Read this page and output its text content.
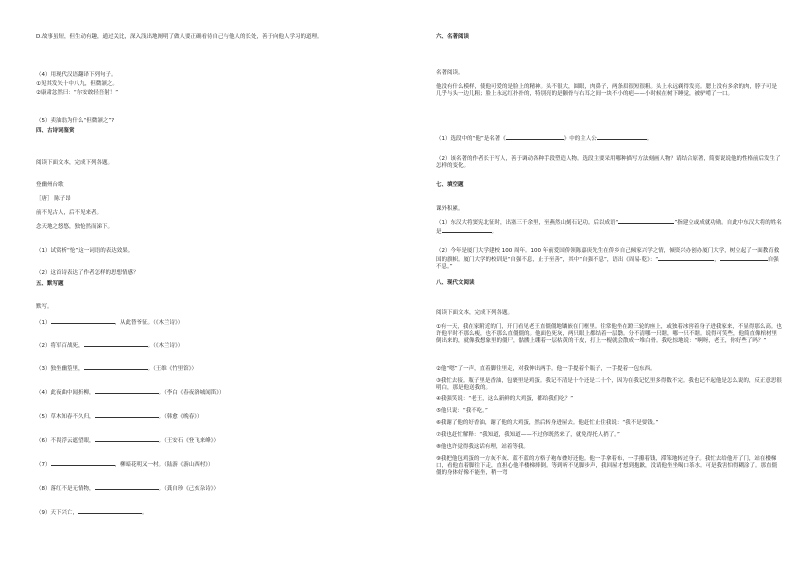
D.故事虽短，但生动有趣，通过关比，深入浅出地阐明了做人要正确看待自己与他人的长处，善于向他人学习的道理。

（4）用现代汉语翻译下列句子。

①见其发矢十中八九，但微颔之。

②康肃忿然曰：“尔安敢轻吾射！”

（5）卖油翁为什么“但微颔之”?

四、古诗词鉴赏

阅读下面文本，完成下列各题。

登幽州台歌

［唐］ 陈子昂

前不见古人，后不见来者。

念天地之悠悠，独怆然而涕下。

（1）试赏析“怆”这一词语的表达效果。

（2）这首诗表达了作者怎样的思想情感？

五、默写题

默写。

（1）	，从此替爷征。（《木兰诗》）
（2）将军百战死，	。（《木兰诗》）
（3）独坐幽篁里，	。（王维《竹里馆》）
（4）此夜曲中闻折柳，	。（李白《春夜洛城闻笛》）
（5）草木知春不久归，	。（韩愈《晚春》）
（6）不畏浮云遮望眼，	。（王安石《登飞来峰》）
（7）	，柳暗花明又一村。（陆游《游山西村》）
（8）落红不是无情物，	。（龚自珍《己亥杂诗》）
（9）天下兴亡，	。

六、名著阅读

名著阅读。

他没有什么模样，使他可爱的是脸上的精神。头不很大，圆眼，肉鼻子，两条眉很短很粗。头上永远剃得发亮。腮上没有多余的肉，脖子可是几乎与头一边儿粗；脸上永远红扑扑的，特别亮的是颧骨与右耳之间一块不小的疤——小时候在树下睡觉，被驴啃了一口。

（1）选段中的“他”是名著《	》中的主人公	。

（2）该名著的作者长于写人，善于调动各种手段塑造人物。选段主要采用哪种描写方法刻画人物？请结合原著，简要说说他的性格前后发生了怎样的变化。

七、填空题

课外积累。

（1）东汉大将窦宪北征时，出塞三千余里，至燕然山刻石记功。后以成语“	”指建立或成就功勋。自此中东汉大将的姓名是	。
（2）今年是厦门大学建校 100 周年。100 年前爱国侨领陈嘉庚先生在侨乡自己倾家兴学之情，倾资兴办创办厦门大学，树立起了一面教育救国的旗帜。厦门大学的校训是“自强不息，止于至善”，其中“自强不息”，语出《周易·乾》：“	，	自强不息。”

八、现代文阅读

阅读下面文本，完成下列各题。

①有一天，我在家附近的门，开门看见老王直僵僵地镶嵌在门框里。往常他坐在蹬三轮的座上，或独着冰窖着身子进我家来，不显得那么高。也许他平时不那么瘦，也不那么直僵僵的。他面色死灰，两只眼上都结着一层翳。分不清哪一只瞎，哪一只不瞎。说得可笑些，他简直像棺材里倒出来的，就像我想象里的僵尸，骷髅上绷着一层枯黄的干皮，打上一棍就会散成一堆白骨。我吃惊地说：“啊呀，老王，你好些了吗？”

②他“嗯”了一声，直着脚往里走，对我伸出两手。他一手提着个瓶子，一手提着一包东西。

③我忙去接。瓶子里是香油，包裹里是鸡蛋。我记不清是十个还是二十个，因为在我记忆里多得数不完。我也记不起他是怎么说的，反正意思很明白，那是他送我的。

④我强笑说：“老王，这么新鲜的大鸡蛋，都给我们吃？”

⑤他只说：“我不吃。”

⑥我谢了他的好香油，谢了他的大鸡蛋，然后转身进屋去。他赶忙止住我说：“我不是要钱。”

⑦我也赶忙解释：“我知道，我知道——不过你既然来了，就免得托人捎了。”

⑧他也许觉得我这话有理，站着等我。

⑨我把他包鸡蛋的一方灰不灰、蓝不蓝的方格子袍布叠好还他。他一手拿着布，一手攥着钱，滞笨地转过身子。我忙去给他开了门，站在楼梯口，看他直着脚往下走，直担心他半楼梯摔倒。等到听不见脚步声，我回屋才想到抱歉，没请他坐坐喝口茶水。可是我害怕得糊涂了。那直僵僵的身体好像不能坐，稍一弯
